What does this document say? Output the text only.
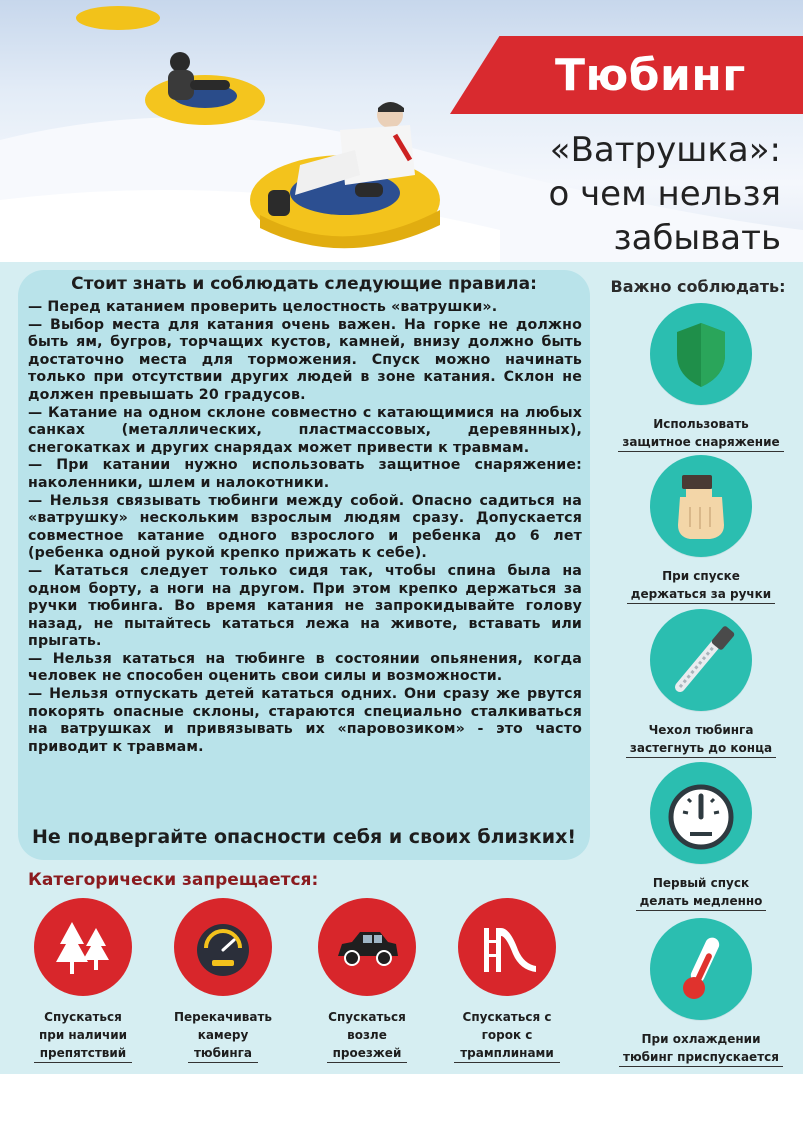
Тюбинг
«Ватрушка»:
о чем нельзя
забывать
Стоит знать и соблюдать следующие правила:

— Перед катанием проверить целостность «ватрушки».

— Выбор места для катания очень важен. На горке не должно быть ям, бугров, торчащих кустов, камней, внизу должно быть достаточно места для торможения. Спуск можно начинать только при отсутствии других людей в зоне катания. Склон не должен превышать 20 градусов.

— Катание на одном склоне совместно с катающимися на любых санках (металлических, пластмассовых, деревянных), снегокатках и других снарядах может привести к травмам.

— При катании нужно использовать защитное снаряжение: наколенники, шлем и налокотники.

— Нельзя связывать тюбинги между собой. Опасно садиться на «ватрушку» нескольким взрослым людям сразу. Допускается совместное катание одного взрослого и ребенка до 6 лет (ребенка одной рукой крепко прижать к себе).

— Кататься следует только сидя так, чтобы спина была на одном борту, а ноги на другом. При этом крепко держаться за ручки тюбинга. Во время катания не запрокидывайте голову назад, не пытайтесь кататься лежа на животе, вставать или прыгать.

— Нельзя кататься на тюбинге в состоянии опьянения, когда человек не способен оценить свои силы и возможности.

— Нельзя отпускать детей кататься одних. Они сразу же рвутся покорять опасные склоны, стараются специально сталкиваться на ватрушках и привязывать их «паровозиком» - это часто приводит к травмам.

Не подвергайте опасности себя и своих близких!
Важно соблюдать:
Использовать
защитное снаряжение
При спуске
держаться за ручки
Чехол тюбинга
застегнуть до конца
Первый спуск
делать медленно
При охлаждении
тюбинг приспускается
Категорически запрещается:
Спускаться
при наличии
препятствий
Перекачивать
камеру
тюбинга
Спускаться
возле
проезжей
Спускаться с
горок с
трамплинами
